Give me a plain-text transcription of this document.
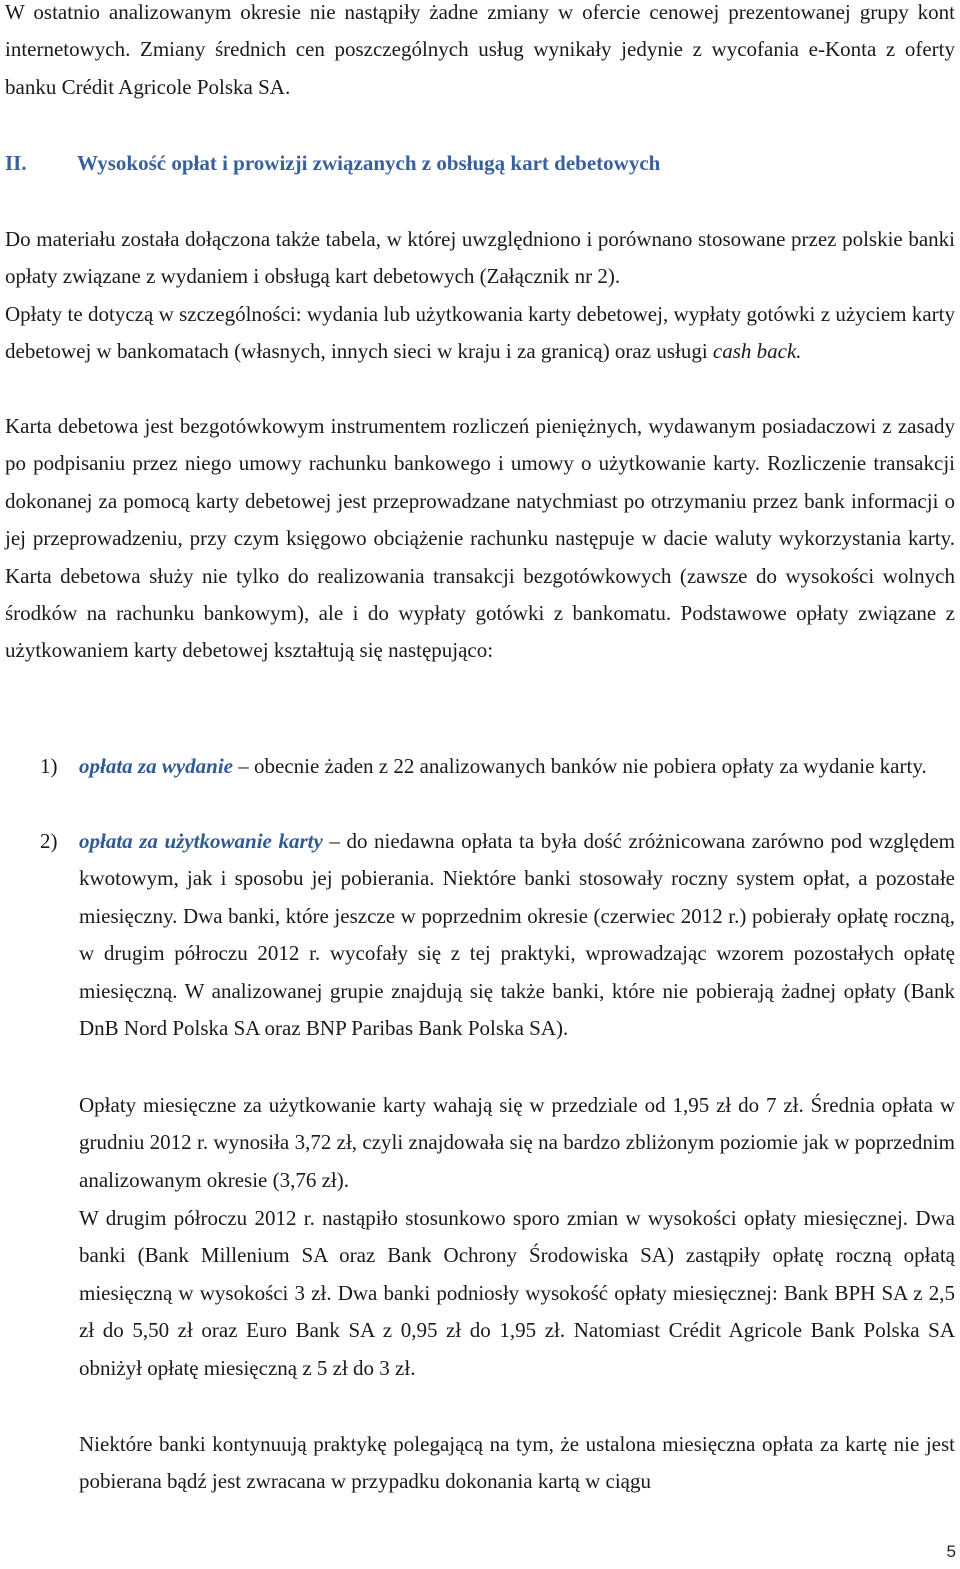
W ostatnio analizowanym okresie nie nastąpiły żadne zmiany w ofercie cenowej prezentowanej grupy kont internetowych. Zmiany średnich cen poszczególnych usług wynikały jedynie z wycofania e-Konta z oferty banku Crédit Agricole Polska SA.

II. Wysokość opłat i prowizji związanych z obsługą kart debetowych

Do materiału została dołączona także tabela, w której uwzględniono i porównano stosowane przez polskie banki opłaty związane z wydaniem i obsługą kart debetowych (Załącznik nr 2).

Opłaty te dotyczą w szczególności: wydania lub użytkowania karty debetowej, wypłaty gotówki z użyciem karty debetowej w bankomatach (własnych, innych sieci w kraju i za granicą) oraz usługi cash back.

Karta debetowa jest bezgotówkowym instrumentem rozliczeń pieniężnych, wydawanym posiadaczowi z zasady po podpisaniu przez niego umowy rachunku bankowego i umowy o użytkowanie karty. Rozliczenie transakcji dokonanej za pomocą karty debetowej jest przeprowadzane natychmiast po otrzymaniu przez bank informacji o jej przeprowadzeniu, przy czym księgowo obciążenie rachunku następuje w dacie waluty wykorzystania karty. Karta debetowa służy nie tylko do realizowania transakcji bezgotówkowych (zawsze do wysokości wolnych środków na rachunku bankowym), ale i do wypłaty gotówki z bankomatu. Podstawowe opłaty związane z użytkowaniem karty debetowej kształtują się następująco:

1) opłata za wydanie – obecnie żaden z 22 analizowanych banków nie pobiera opłaty za wydanie karty.
2) opłata za użytkowanie karty – do niedawna opłata ta była dość zróżnicowana zarówno pod względem kwotowym, jak i sposobu jej pobierania. Niektóre banki stosowały roczny system opłat, a pozostałe miesięczny. Dwa banki, które jeszcze w poprzednim okresie (czerwiec 2012 r.) pobierały opłatę roczną, w drugim półroczu 2012 r. wycofały się z tej praktyki, wprowadzając wzorem pozostałych opłatę miesięczną. W analizowanej grupie znajdują się także banki, które nie pobierają żadnej opłaty (Bank DnB Nord Polska SA oraz BNP Paribas Bank Polska SA).

Opłaty miesięczne za użytkowanie karty wahają się w przedziale od 1,95 zł do 7 zł. Średnia opłata w grudniu 2012 r. wynosiła 3,72 zł, czyli znajdowała się na bardzo zbliżonym poziomie jak w poprzednim analizowanym okresie (3,76 zł).

W drugim półroczu 2012 r. nastąpiło stosunkowo sporo zmian w wysokości opłaty miesięcznej. Dwa banki (Bank Millenium SA oraz Bank Ochrony Środowiska SA) zastąpiły opłatę roczną opłatą miesięczną w wysokości 3 zł. Dwa banki podniosły wysokość opłaty miesięcznej: Bank BPH SA z 2,5 zł do 5,50 zł oraz Euro Bank SA z 0,95 zł do 1,95 zł. Natomiast Crédit Agricole Bank Polska SA obniżył opłatę miesięczną z 5 zł do 3 zł.

Niektóre banki kontynuują praktykę polegającą na tym, że ustalona miesięczna opłata za kartę nie jest pobierana bądź jest zwracana w przypadku dokonania kartą w ciągu

5
